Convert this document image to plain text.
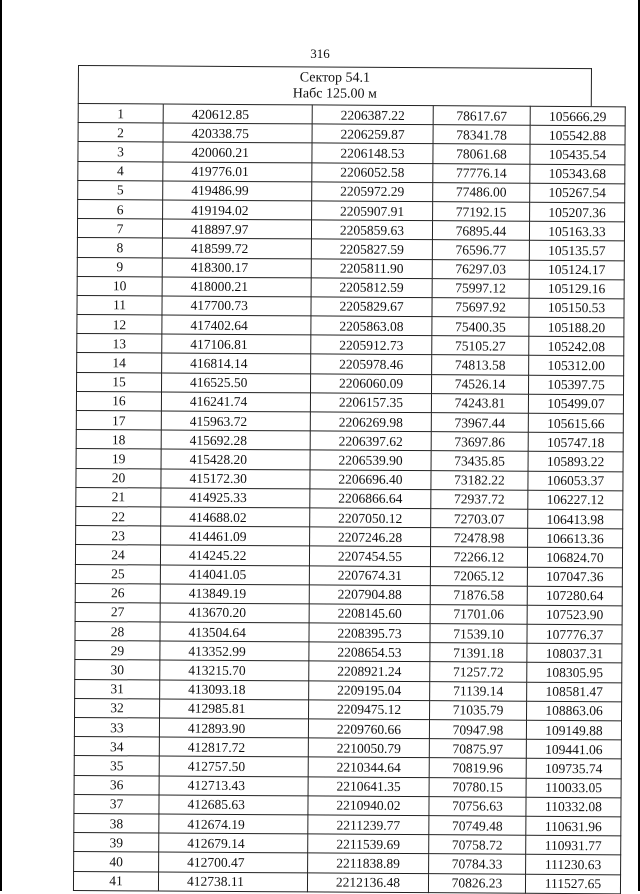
316
Сектор 54.1
Набс 125.00 м
1	420612.85	2206387.22	78617.67	105666.29
2	420338.75	2206259.87	78341.78	105542.88
3	420060.21	2206148.53	78061.68	105435.54
4	419776.01	2206052.58	77776.14	105343.68
5	419486.99	2205972.29	77486.00	105267.54
6	419194.02	2205907.91	77192.15	105207.36
7	418897.97	2205859.63	76895.44	105163.33
8	418599.72	2205827.59	76596.77	105135.57
9	418300.17	2205811.90	76297.03	105124.17
10	418000.21	2205812.59	75997.12	105129.16
11	417700.73	2205829.67	75697.92	105150.53
12	417402.64	2205863.08	75400.35	105188.20
13	417106.81	2205912.73	75105.27	105242.08
14	416814.14	2205978.46	74813.58	105312.00
15	416525.50	2206060.09	74526.14	105397.75
16	416241.74	2206157.35	74243.81	105499.07
17	415963.72	2206269.98	73967.44	105615.66
18	415692.28	2206397.62	73697.86	105747.18
19	415428.20	2206539.90	73435.85	105893.22
20	415172.30	2206696.40	73182.22	106053.37
21	414925.33	2206866.64	72937.72	106227.12
22	414688.02	2207050.12	72703.07	106413.98
23	414461.09	2207246.28	72478.98	106613.36
24	414245.22	2207454.55	72266.12	106824.70
25	414041.05	2207674.31	72065.12	107047.36
26	413849.19	2207904.88	71876.58	107280.64
27	413670.20	2208145.60	71701.06	107523.90
28	413504.64	2208395.73	71539.10	107776.37
29	413352.99	2208654.53	71391.18	108037.31
30	413215.70	2208921.24	71257.72	108305.95
31	413093.18	2209195.04	71139.14	108581.47
32	412985.81	2209475.12	71035.79	108863.06
33	412893.90	2209760.66	70947.98	109149.88
34	412817.72	2210050.79	70875.97	109441.06
35	412757.50	2210344.64	70819.96	109735.74
36	412713.43	2210641.35	70780.15	110033.05
37	412685.63	2210940.02	70756.63	110332.08
38	412674.19	2211239.77	70749.48	110631.96
39	412679.14	2211539.69	70758.72	110931.77
40	412700.47	2211838.89	70784.33	111230.63
41	412738.11	2212136.48	70826.23	111527.65
